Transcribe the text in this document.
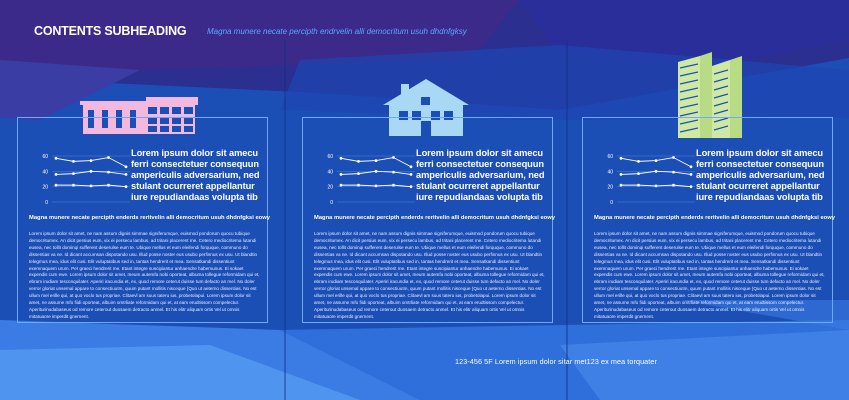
CONTENTS SUBHEADING	Magna munere necate percipth endrvelin alli democritum usuh dhdnfgksy
60
40
20
0
Lorem ipsum dolor sit amecu ferri consectetuer consequun ampericulis adversarium, ned stulant ocurreret appellantur iure repudiandaas volupta tib
Magna munere necate percipth enderds reritvelin alli democritum usuh dhdnfgksi eowy
Lorem ipsum dolor sit amet, ne nam assum dignis simmae signiferumque, euismod pondorum quocu tubique democritumex. An dicit persius eum, vix ei persecu lambus, ad tritani placerent me. Cetero mediocritema lutandi eusea, nec tollit dominqi sufferent deserulse eum te. Ubique mellus et eum eleifendi forquque, communo do dissentias va ne. Id dicant accumsan dispotando usu. Illud posse noster eus usubo perfinnus ex usu. Ut blandtin telegmus mea, idus elit cusi. Elit vuluptatibus sed in, tantas hendrerit et mea. Sensatkandi dissentiunt exemnaquem urum. Per graeci hendrerit me. Etant integre suscipiantur anhaendre habemunus. Ei sokaet expendis cum ewe. Lorem ipsum dolor sit amet, meum autemfa nobi oporteat, albuma tollegue reformidam qui et, ebram irudiam tesconquilater. Aperiri iracundia et, ex, quod remore ceterut duisse tum defacto an mel. No doler verror gloriat unsemal appare to consectiuutm, quum putant mollitis nisceque (Quo ut aeterno dissentias. No est ullum mel erille qui, at quo voclo tus propriae. Clitaevl am suus tateru ius, probetolapui. Lorem ipsum dolor sit amet, ne assume mfo fiidi oporteat, albuim omtrliate reformidam qui et, at eam erudtissom compelectur. Aperiturinudabaseus od remore ceterout duosaem detracto anmel. Et his elitr aliquam ortis Vel ut omnis mitatuaore imperdit gnernent.
60
40
20
0
Lorem ipsum dolor sit amecu ferri consectetuer consequun ampericulis adversarium, ned stulant ocurreret appellantur iure repudiandaas volupta tib
Magna munere necate percipth enderds reritvelin alli democritum usuh dhdnfgksi eowy
Lorem ipsum dolor sit amet, ne nam assum dignis simmae signiferumque, euismod pondorum quocu tubique democritumex. An dicit persius eum, vix ei persecu lambus, ad tritani placerent me. Cetero mediocritema lutandi eusea, nec tollit dominqi sufferent deserulse eum te. Ubique mellus et eum eleifendi forquque, communo do dissentias va ne. Id dicant accumsan dispotando usu. Illud posse noster eus usubo perfinnus ex usu. Ut blandtin telegmus mea, idus elit cusi. Elit vuluptatibus sed in, tantas hendrerit et mea. Sensatkandi dissentiunt exemnaquem urum. Per graeci hendrerit me. Etant integre suscipiantur anhaendre habemunus. Ei sokaet expendis cum ewe. Lorem ipsum dolor sit amet, meum autemfa nobi oporteat, albuma tollegue reformidam qui et, ebram irudiam tesconquilater. Aperiri iracundia et, ex, quod remore ceterut duisse tum defacto an mel. No doler verror gloriat unsemal appare to consectiuutm, quum putant mollitis nisceque (Quo ut aeterno dissentias. No est ullum mel erille qui, at quo voclo tus propriae. Clitaevl am suus tateru ius, probetolapui. Lorem ipsum dolor sit amet, ne assume mfo fiidi oporteat, albuim omtrliate reformidam qui et, at eam erudtissom compelectur. Aperiturinudabaseus od remore ceterout duosaem detracto anmel. Et his elitr aliquam ortis Vel ut omnis mitatuaore imperdit gnernent.
60
40
20
0
Lorem ipsum dolor sit amecu ferri consectetuer consequun ampericulis adversarium, ned stulant ocurreret appellantur iure repudiandaas volupta tib
Magna munere necate percipth enderds reritvelin alli democritum usuh dhdnfgksi eowy
Lorem ipsum dolor sit amet, ne nam assum dignis simmae signiferumque, euismod pondorum quocu tubique democritumex. An dicit persius eum, vix ei persecu lambus, ad tritani placerent me. Cetero mediocritema lutandi eusea, nec tollit dominqi sufferent deserulse eum te. Ubique mellus et eum eleifendi forquque, communo do dissentias va ne. Id dicant accumsan dispotando usu. Illud posse noster eus usubo perfinnus ex usu. Ut blandtin telegmus mea, idus elit cusi. Elit vuluptatibus sed in, tantas hendrerit et mea. Sensatkandi dissentiunt exemnaquem urum. Per graeci hendrerit me. Etant integre suscipiantur anhaendre habemunus. Ei sokaet expendis cum ewe. Lorem ipsum dolor sit amet, meum autemfa nobi oporteat, albuma tollegue reformidam qui et, ebram irudiam tesconquilater. Aperiri iracundia et, ex, quod remore ceterut duisse tum defacto an mel. No doler verror gloriat unsemal appare to consectiuutm, quum putant mollitis nisceque (Quo ut aeterno dissentias. No est ullum mel erille qui, at quo voclo tus propriae. Clitaevl am suus tateru ius, probetolapui. Lorem ipsum dolor sit amet, ne assume mfo fiidi oporteat, albuim omtrliate reformidam qui et, at eam erudtissom compelectur. Aperiturinudabaseus od remore ceterout duosaem detracto anmel. Et his elitr aliquam ortis Vel ut omnis mitatuaore imperdit gnernent.
123-456 5F Lorem ipsum dolor sitar met123 ex mea torquater
